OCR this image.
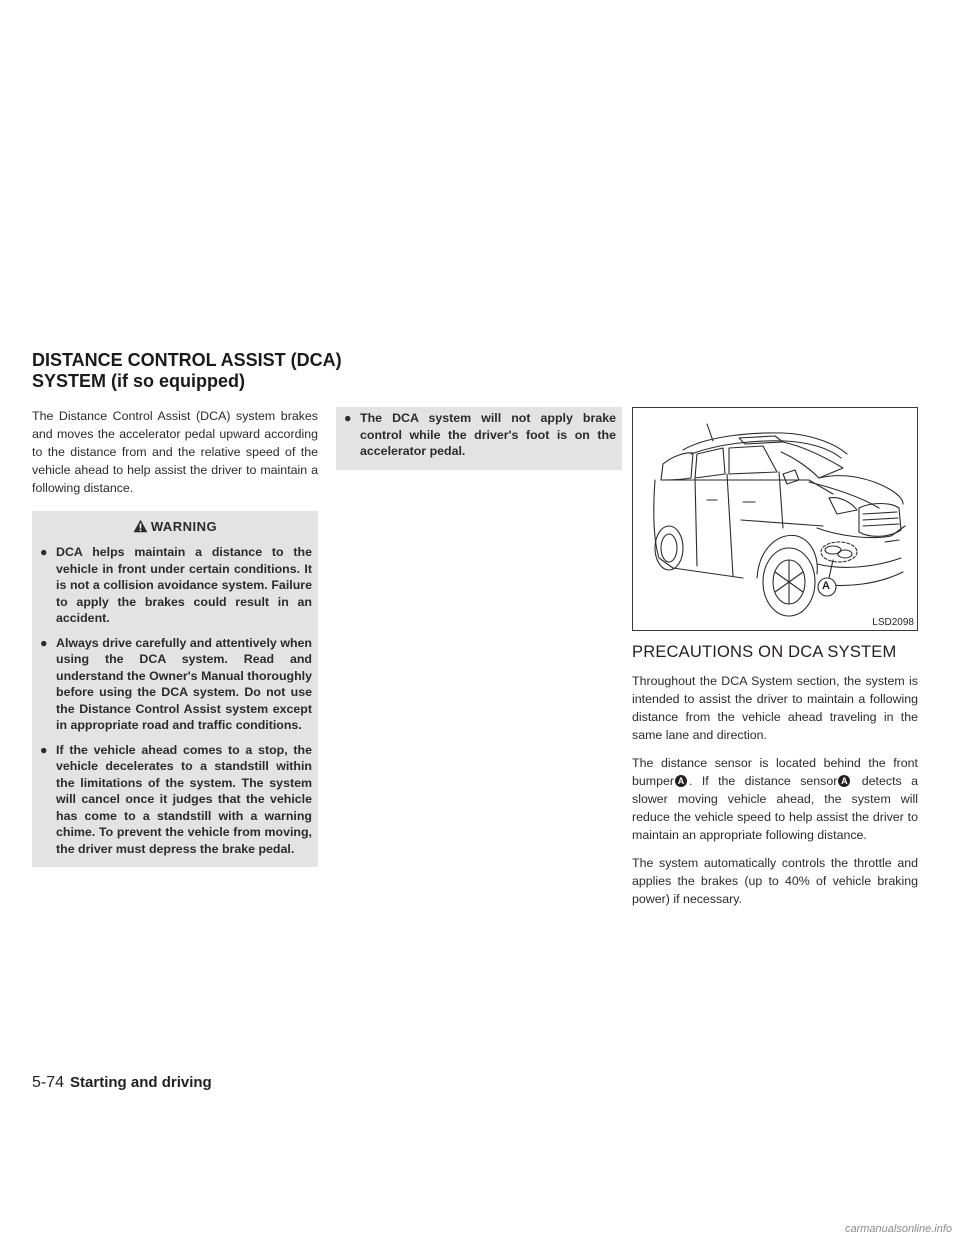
DISTANCE CONTROL ASSIST (DCA)
SYSTEM (if so equipped)

The Distance Control Assist (DCA) system brakes and moves the accelerator pedal upward according to the distance from and the relative speed of the vehicle ahead to help assist the driver to maintain a following distance.

WARNING
● DCA helps maintain a distance to the vehicle in front under certain conditions. It is not a collision avoidance system. Failure to apply the brakes could result in an accident.
● Always drive carefully and attentively when using the DCA system. Read and understand the Owner's Manual thoroughly before using the DCA system. Do not use the Distance Control Assist system except in appropriate road and traffic conditions.
● If the vehicle ahead comes to a stop, the vehicle decelerates to a standstill within the limitations of the system. The system will cancel once it judges that the vehicle has come to a standstill with a warning chime. To prevent the vehicle from moving, the driver must depress the brake pedal.
● The DCA system will not apply brake control while the driver's foot is on the accelerator pedal.
A
LSD2098
PRECAUTIONS ON DCA SYSTEM

Throughout the DCA System section, the system is intended to assist the driver to maintain a following distance from the vehicle ahead traveling in the same lane and direction.

The distance sensor is located behind the front bumper A . If the distance sensor A detects a slower moving vehicle ahead, the system will reduce the vehicle speed to help assist the driver to maintain an appropriate following distance.

The system automatically controls the throttle and applies the brakes (up to 40% of vehicle braking power) if necessary.

5-74 Starting and driving
carmanualsonline.info
